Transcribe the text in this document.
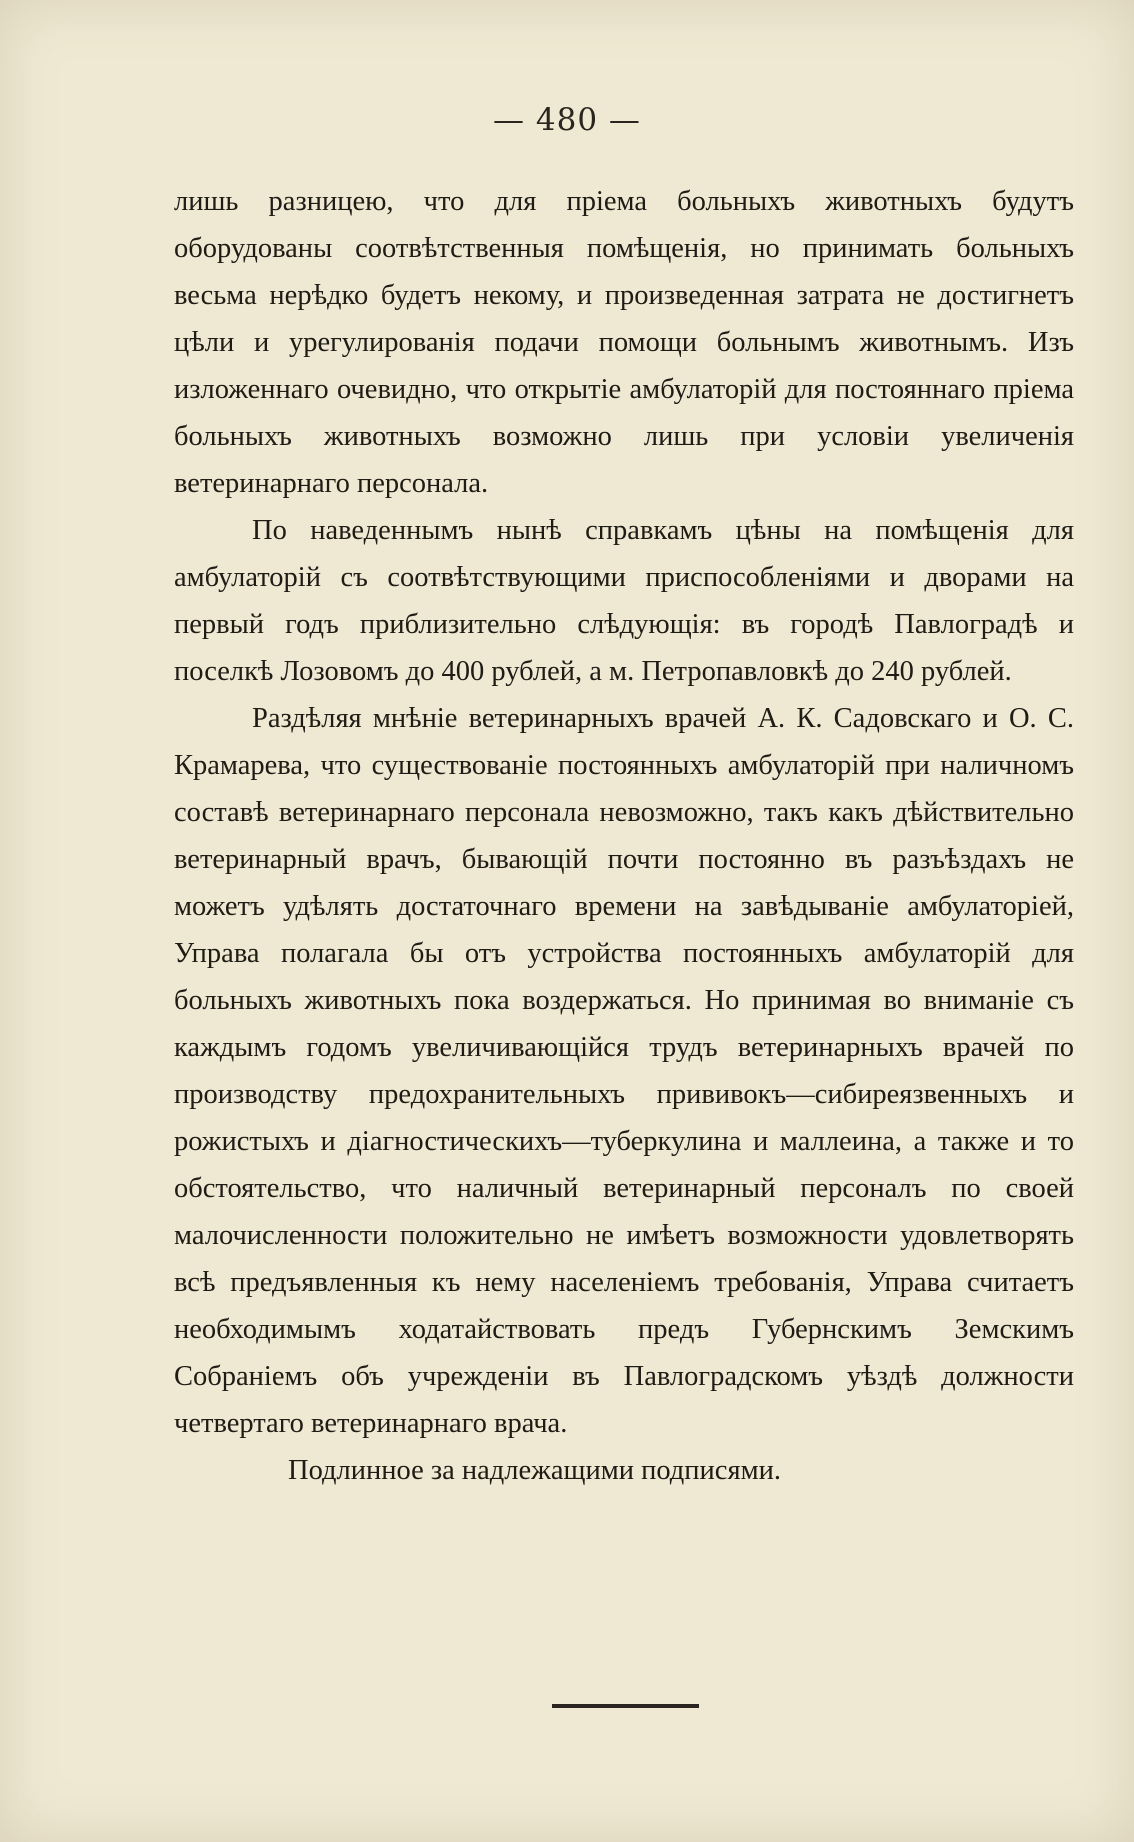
— 480 —

лишь разницею, что для пріема больныхъ животныхъ будутъ оборудованы соотвѣтственныя помѣщенія, но принимать больныхъ весьма нерѣдко будетъ некому, и произведенная затрата не достигнетъ цѣли и урегулированія подачи помощи больнымъ животнымъ. Изъ изложеннаго очевидно, что открытіе амбулаторій для постояннаго пріема больныхъ животныхъ возможно лишь при условіи увеличенія ветеринарнаго персонала.

По наведеннымъ нынѣ справкамъ цѣны на помѣщенія для амбулаторій съ соотвѣтствующими приспособленіями и дворами на первый годъ приблизительно слѣдующія: въ городѣ Павлоградѣ и поселкѣ Лозовомъ до 400 рублей, а м. Петропавловкѣ до 240 рублей.

Раздѣляя мнѣніе ветеринарныхъ врачей А. К. Садовскаго и О. С. Крамарева, что существованіе постоянныхъ амбулаторій при наличномъ составѣ ветеринарнаго персонала невозможно, такъ какъ дѣйствительно ветеринарный врачъ, бывающій почти постоянно въ разъѣздахъ не можетъ удѣлять достаточнаго времени на завѣдываніе амбулаторіей, Управа полагала бы отъ устройства постоянныхъ амбулаторій для больныхъ животныхъ пока воздержаться. Но принимая во вниманіе съ каждымъ годомъ увеличивающійся трудъ ветеринарныхъ врачей по производству предохранительныхъ прививокъ—сибиреязвенныхъ и рожистыхъ и діагностическихъ—туберкулина и маллеина, а также и то обстоятельство, что наличный ветеринарный персоналъ по своей малочисленности положительно не имѣетъ возможности удовлетворять всѣ предъявленныя къ нему населеніемъ требованія, Управа считаетъ необходимымъ ходатайствовать предъ Губернскимъ Земскимъ Собраніемъ объ учрежденіи въ Павлоградскомъ уѣздѣ должности четвертаго ветеринарнаго врача.

Подлинное за надлежащими подписями.
